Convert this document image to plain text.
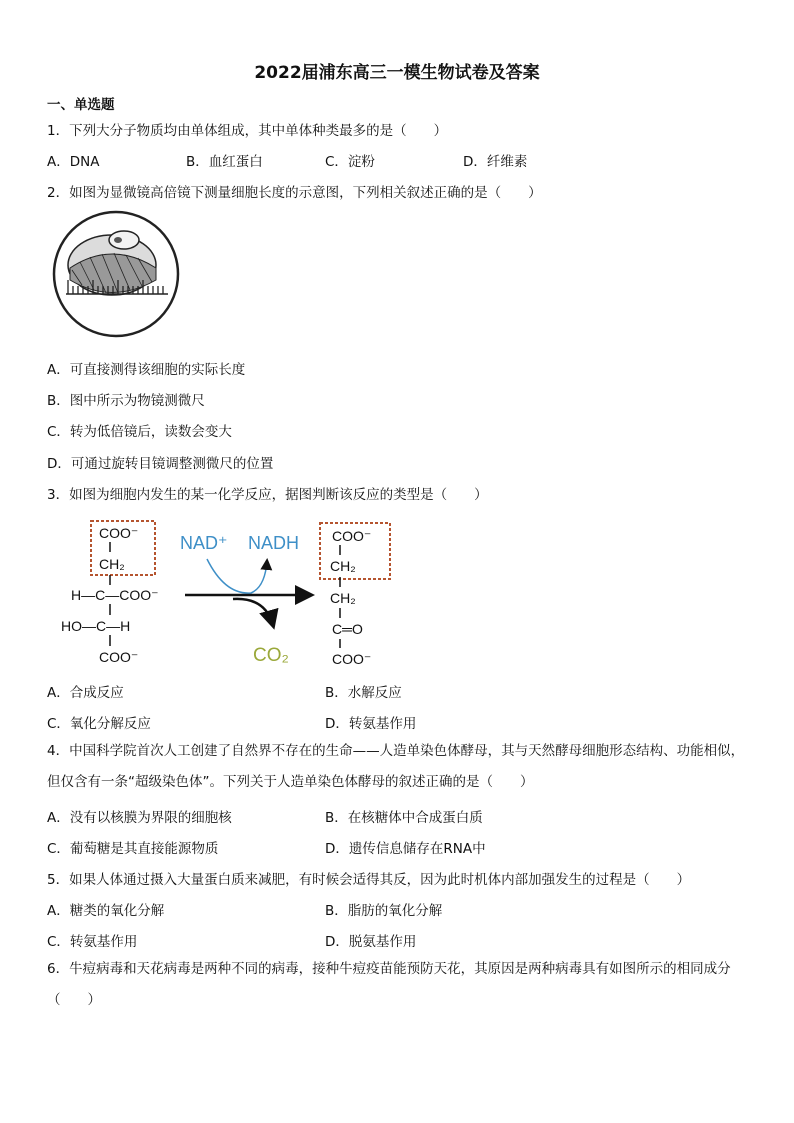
2022届浦东高三一模生物试卷及答案
一、单选题
1．下列大分子物质均由单体组成，其中单体种类最多的是（　　）
A．DNA	B．血红蛋白	C．淀粉	D．纤维素
2．如图为显微镜高倍镜下测量细胞长度的示意图，下列相关叙述正确的是（　　）
A．可直接测得该细胞的实际长度
B．图中所示为物镜测微尺
C．转为低倍镜后，读数会变大
D．可通过旋转目镜调整测微尺的位置
3．如图为细胞内发生的某一化学反应，据图判断该反应的类型是（　　）
COO⁻
CH₂
H—C—COO⁻
HO—C—H
COO⁻
NAD⁺ NADH
CO₂
COO⁻
CH₂
CH₂
C═O
COO⁻
A．合成反应	B．水解反应
C．氧化分解反应	D．转氨基作用
4．中国科学院首次人工创建了自然界不存在的生命——人造单染色体酵母，其与天然酵母细胞形态结构、功能相似，但仅含有一条“超级染色体”。下列关于人造单染色体酵母的叙述正确的是（　　）
A．没有以核膜为界限的细胞核	B．在核糖体中合成蛋白质
C．葡萄糖是其直接能源物质	D．遗传信息储存在RNA中
5．如果人体通过摄入大量蛋白质来减肥，有时候会适得其反，因为此时机体内部加强发生的过程是（　　）
A．糖类的氧化分解	B．脂肪的氧化分解
C．转氨基作用	D．脱氨基作用
6．牛痘病毒和天花病毒是两种不同的病毒，接种牛痘疫苗能预防天花，其原因是两种病毒具有如图所示的相同成分（　　）
